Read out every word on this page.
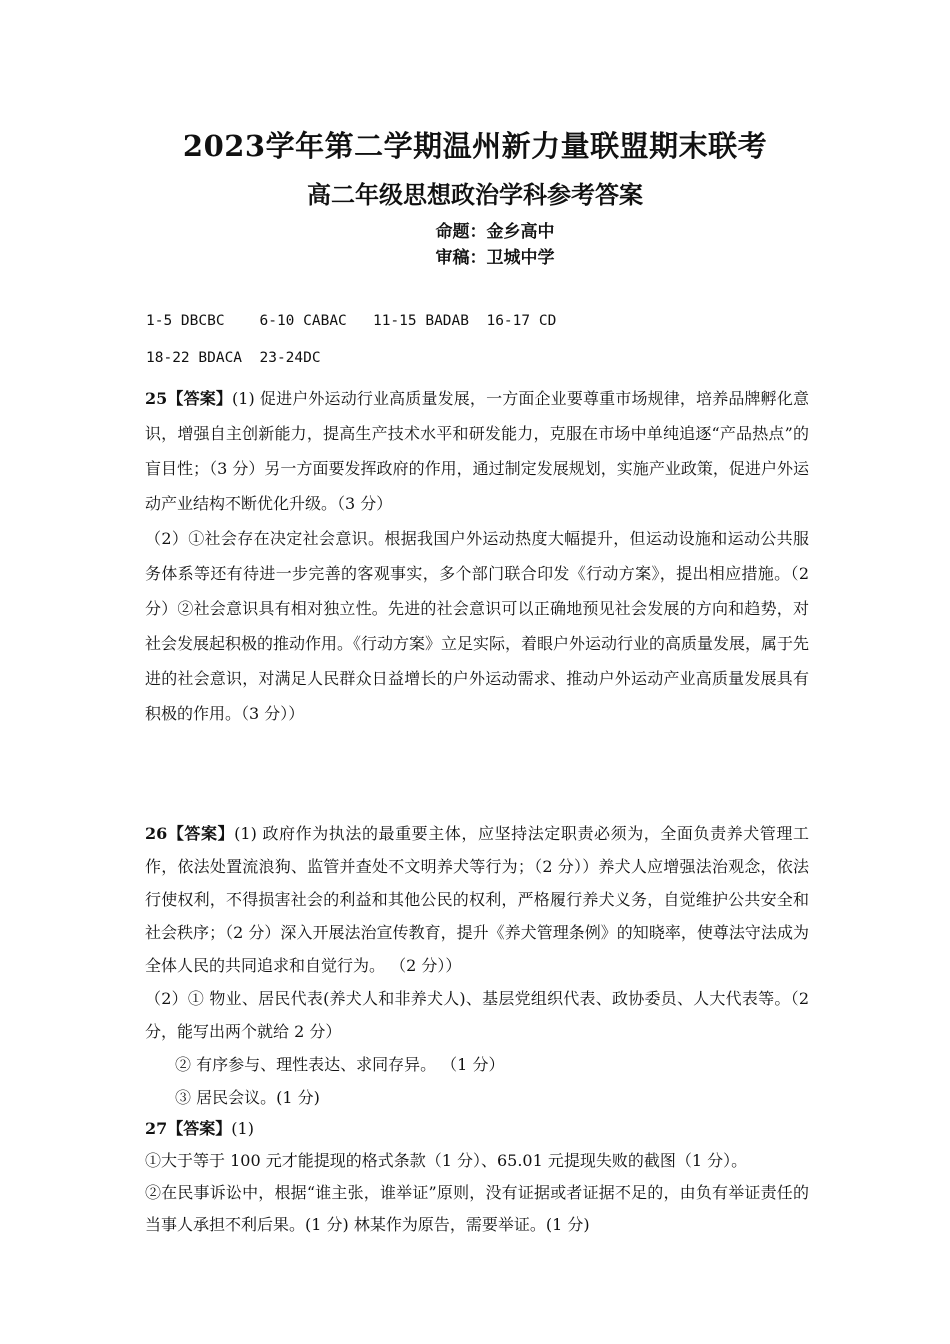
2023学年第二学期温州新力量联盟期末联考
高二年级思想政治学科参考答案
命题：金乡高中
审稿：卫城中学
1-5 DBCBC    6-10 CABAC   11-15 BADAB  16-17 CD
18-22 BDACA  23-24DC

25【答案】(1) 促进户外运动行业高质量发展，一方面企业要尊重市场规律，培养品牌孵化意识，增强自主创新能力，提高生产技术水平和研发能力，克服在市场中单纯追逐“产品热点”的盲目性；（3 分）另一方面要发挥政府的作用，通过制定发展规划，实施产业政策，促进户外运动产业结构不断优化升级。（3 分）

（2）①社会存在决定社会意识。根据我国户外运动热度大幅提升，但运动设施和运动公共服务体系等还有待进一步完善的客观事实，多个部门联合印发《行动方案》，提出相应措施。（2 分）②社会意识具有相对独立性。先进的社会意识可以正确地预见社会发展的方向和趋势，对社会发展起积极的推动作用。《行动方案》立足实际，着眼户外运动行业的高质量发展，属于先进的社会意识，对满足人民群众日益增长的户外运动需求、推动户外运动产业高质量发展具有积极的作用。（3 分））

26【答案】(1) 政府作为执法的最重要主体，应坚持法定职责必须为，全面负责养犬管理工作，依法处置流浪狗、监管并查处不文明养犬等行为；（2 分））养犬人应增强法治观念，依法行使权利，不得损害社会的利益和其他公民的权利，严格履行养犬义务，自觉维护公共安全和社会秩序；（2 分）深入开展法治宣传教育，提升《养犬管理条例》的知晓率，使尊法守法成为全体人民的共同追求和自觉行为。 （2 分））

（2）① 物业、居民代表(养犬人和非养犬人)、基层党组织代表、政协委员、人大代表等。（2 分，能写出两个就给 2 分）

② 有序参与、理性表达、求同存异。 （1 分）

③ 居民会议。(1 分)

27【答案】(1)

①大于等于 100 元才能提现的格式条款（1 分）、65.01 元提现失败的截图（1 分）。

②在民事诉讼中，根据“谁主张，谁举证”原则，没有证据或者证据不足的，由负有举证责任的当事人承担不利后果。(1 分) 林某作为原告，需要举证。(1 分)
